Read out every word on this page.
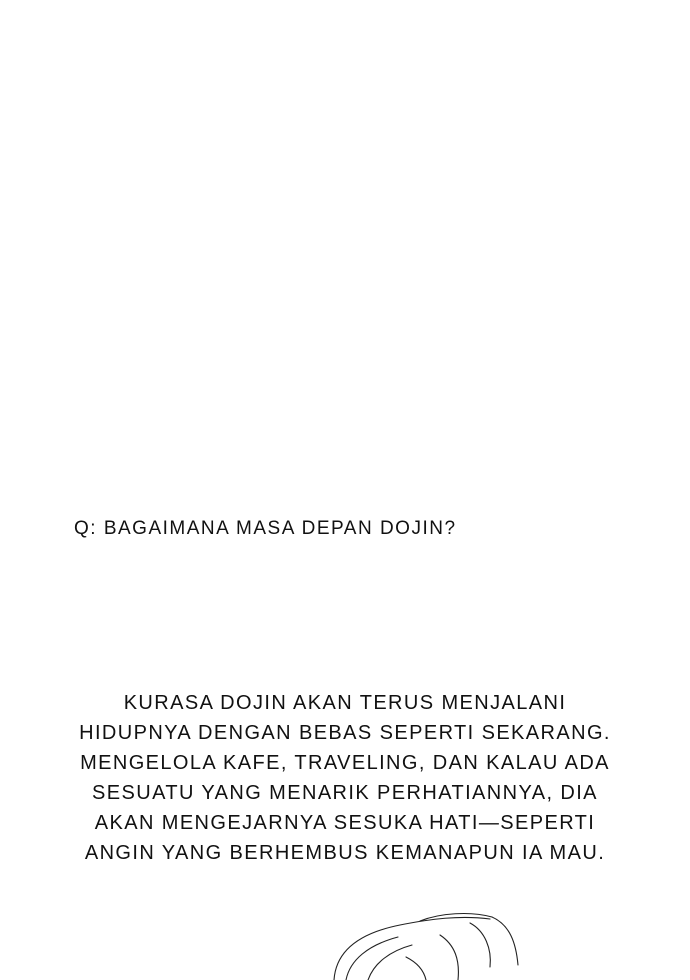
Q: BAGAIMANA MASA DEPAN DOJIN?
KURASA DOJIN AKAN TERUS MENJALANI
HIDUPNYA DENGAN BEBAS SEPERTI SEKARANG.
MENGELOLA KAFE, TRAVELING, DAN KALAU ADA
SESUATU YANG MENARIK PERHATIANNYA, DIA
AKAN MENGEJARNYA SESUKA HATI—SEPERTI
ANGIN YANG BERHEMBUS KEMANAPUN IA MAU.
